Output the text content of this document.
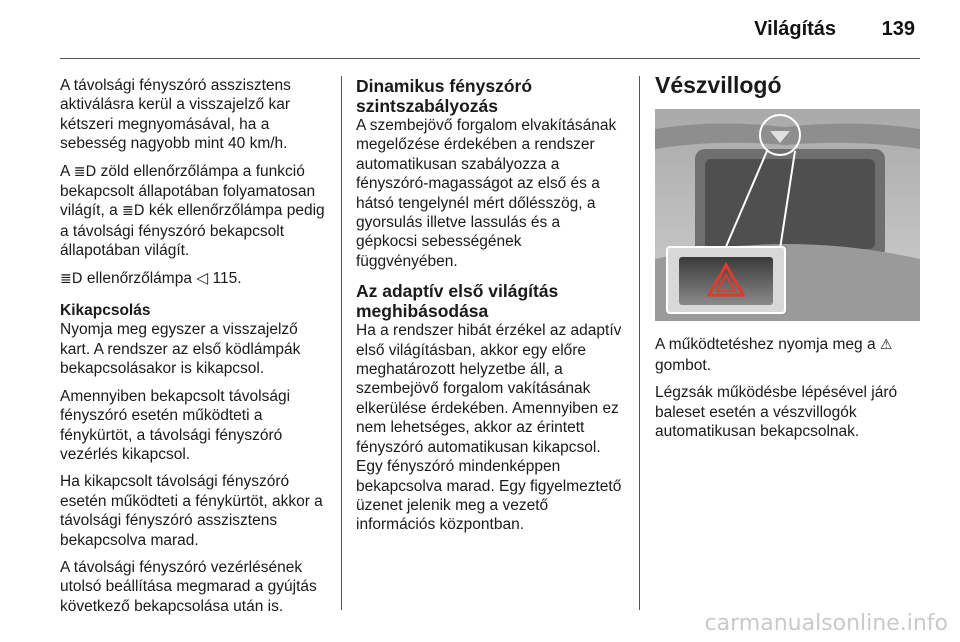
Világítás 139

A távolsági fényszóró asszisztens aktiválásra kerül a visszajelző kar kétszeri megnyomásával, ha a sebesség nagyobb mint 40 km/h.

A ≣D zöld ellenőrzőlámpa a funkció bekapcsolt állapotában folyamatosan világít, a ≣D kék ellenőrzőlámpa pedig a távolsági fényszóró bekapcsolt állapotában világít.

≣D ellenőrzőlámpa ◁ 115.

Kikapcsolás

Nyomja meg egyszer a visszajelző kart. A rendszer az első ködlámpák bekapcsolásakor is kikapcsol.

Amennyiben bekapcsolt távolsági fényszóró esetén működteti a fénykürtöt, a távolsági fényszóró vezérlés kikapcsol.

Ha kikapcsolt távolsági fényszóró esetén működteti a fénykürtöt, akkor a távolsági fényszóró asszisztens bekapcsolva marad.

A távolsági fényszóró vezérlésének utolsó beállítása megmarad a gyújtás következő bekapcsolása után is.

Dinamikus fényszóró szintszabályozás

A szembejövő forgalom elvakításának megelőzése érdekében a rendszer automatikusan szabályozza a fényszóró-magasságot az első és a hátsó tengelynél mért dőlésszög, a gyorsulás illetve lassulás és a gépkocsi sebességének függvényében.

Az adaptív első világítás meghibásodása

Ha a rendszer hibát érzékel az adaptív első világításban, akkor egy előre meghatározott helyzetbe áll, a szembejövő forgalom vakításának elkerülése érdekében. Amennyiben ez nem lehetséges, akkor az érintett fényszóró automatikusan kikapcsol. Egy fényszóró mindenképpen bekapcsolva marad. Egy figyelmeztető üzenet jelenik meg a vezető információs központban.

Vészvillogó

A működtetéshez nyomja meg a ⚠ gombot.

Légzsák működésbe lépésével járó baleset esetén a vészvillogók automatikusan bekapcsolnak.

carmanualsonline.info
